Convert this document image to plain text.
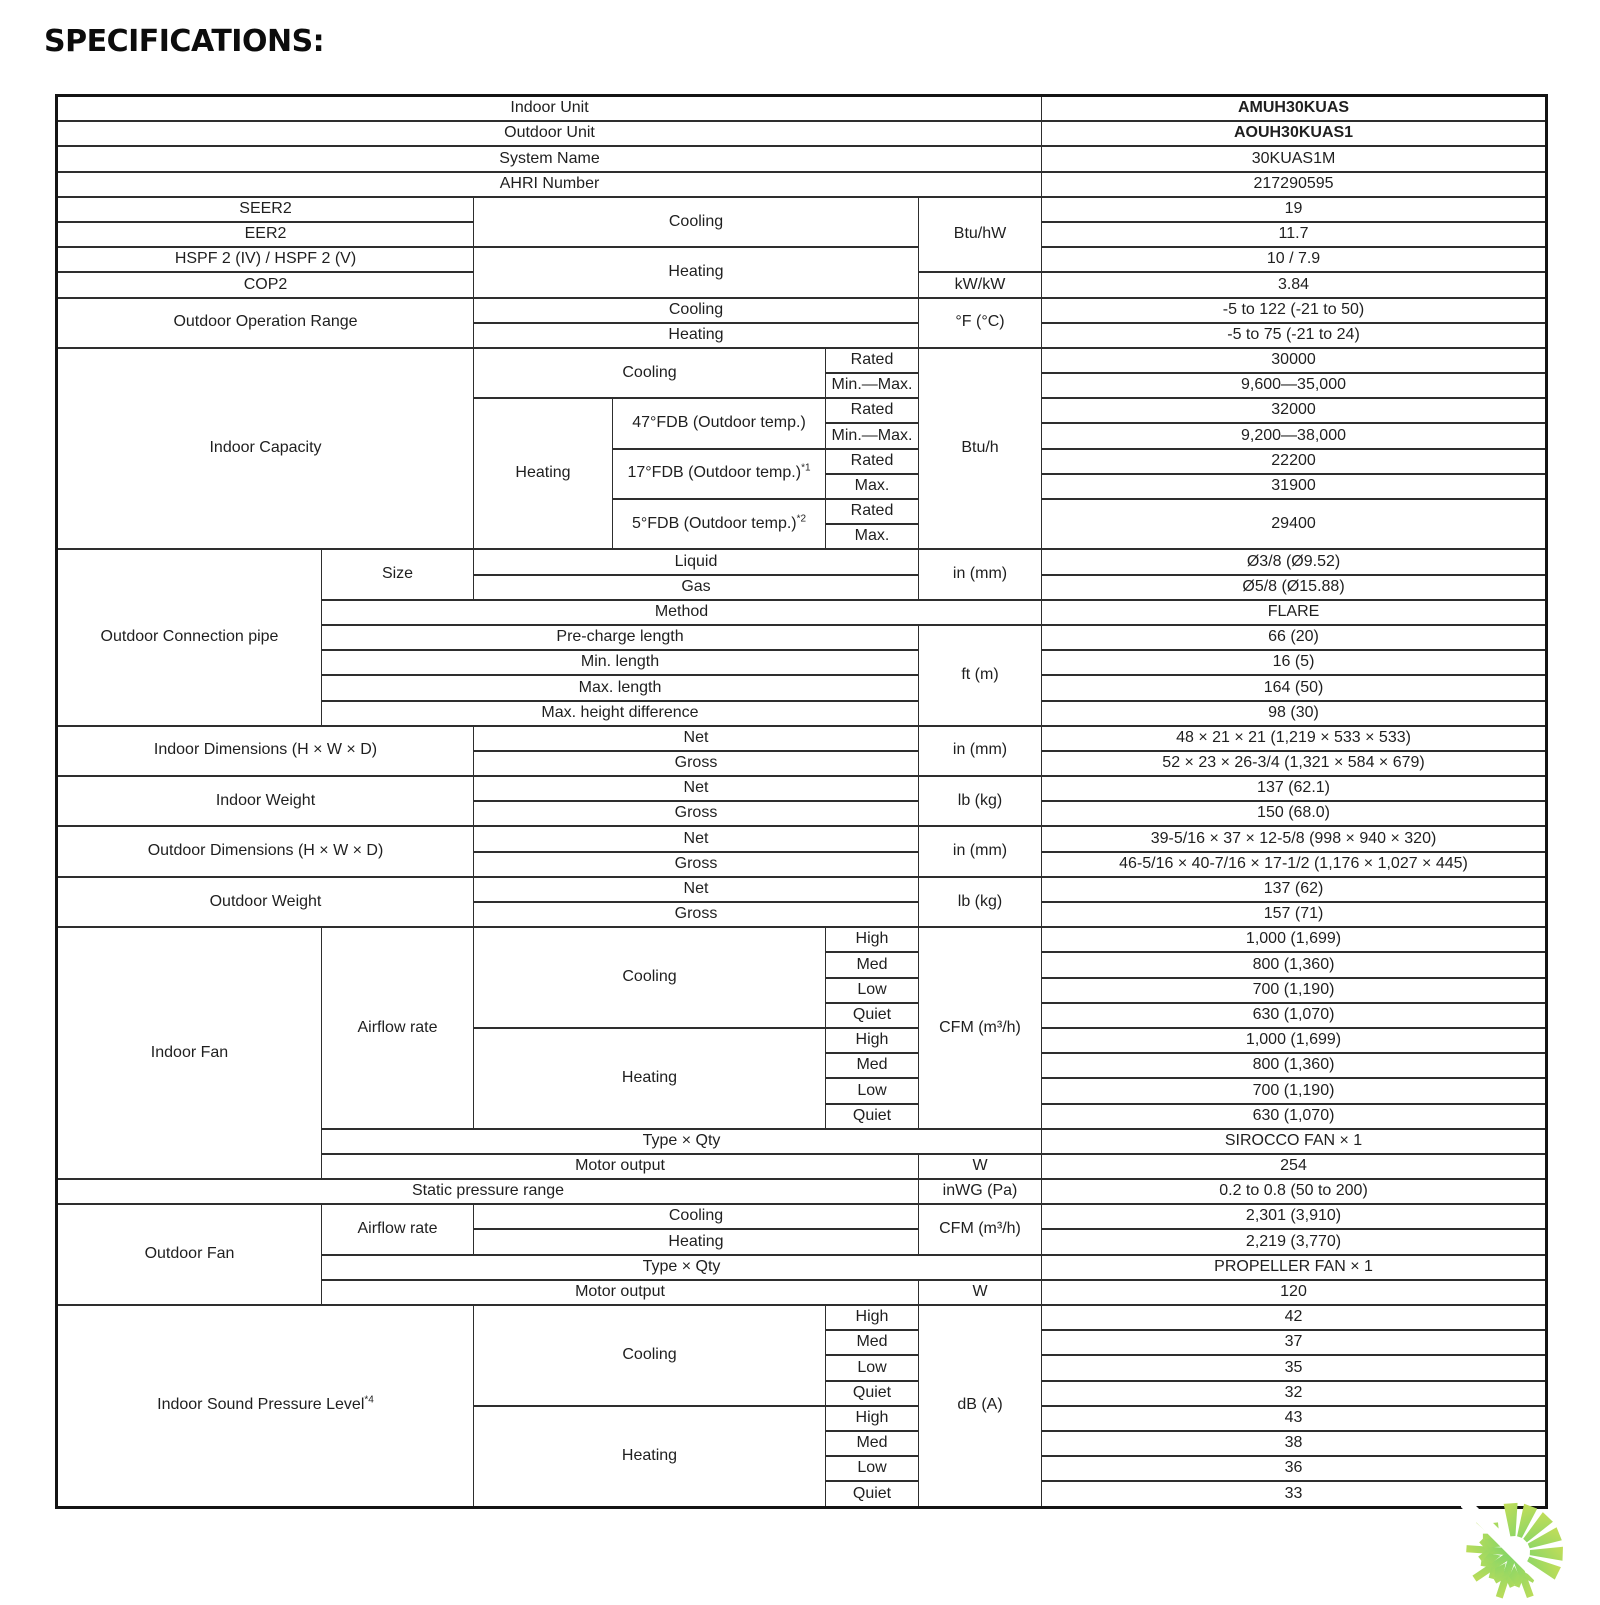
SPECIFICATIONS:
Indoor Unit						AMUH30KUAS
Outdoor Unit						AOUH30KUAS1
System Name						30KUAS1M
AHRI Number						217290595
SEER2		Cooling			Btu/hW	19
EER2						11.7
HSPF 2 (IV) / HSPF 2 (V)		Heating				10 / 7.9
COP2					kW/kW	3.84
Outdoor Operation Range		Cooling			°F (°C)	-5 to 122 (-21 to 50)
		Heating				-5 to 75 (-21 to 24)
Indoor Capacity		Cooling		Rated	Btu/h	30000
				Min.—Max.		9,600—35,000
		Heating	47°FDB (Outdoor temp.)	Rated		32000
				Min.—Max.		9,200—38,000
			17°FDB (Outdoor temp.)$^{*1}$	Rated		22200
				Max.		31900
			5°FDB (Outdoor temp.)$^{*2}$	Rated		29400
				Max.		
Outdoor Connection pipe	Size	Liquid			in (mm)	Ø3/8 (Ø9.52)
		Gas				Ø5/8 (Ø15.88)
	Method					FLARE
	Pre-charge length				ft (m)	66 (20)
	Min. length					16 (5)
	Max. length					164 (50)
	Max. height difference					98 (30)
Indoor Dimensions (H × W × D)		Net			in (mm)	48 × 21 × 21 (1,219 × 533 × 533)
		Gross				52 × 23 × 26-3/4 (1,321 × 584 × 679)
Indoor Weight		Net			lb (kg)	137 (62.1)
		Gross				150 (68.0)
Outdoor Dimensions (H × W × D)		Net			in (mm)	39-5/16 × 37 × 12-5/8 (998 × 940 × 320)
		Gross				46-5/16 × 40-7/16 × 17-1/2 (1,176 × 1,027 × 445)
Outdoor Weight		Net			lb (kg)	137 (62)
		Gross				157 (71)
Indoor Fan	Airflow rate	Cooling		High	CFM (m³/h)	1,000 (1,699)
				Med		800 (1,360)
				Low		700 (1,190)
				Quiet		630 (1,070)
		Heating		High		1,000 (1,699)
				Med		800 (1,360)
				Low		700 (1,190)
				Quiet		630 (1,070)
	Type × Qty					SIROCCO FAN × 1
	Motor output				W	254
Static pressure range					inWG (Pa)	0.2 to 0.8 (50 to 200)
Outdoor Fan	Airflow rate	Cooling			CFM (m³/h)	2,301 (3,910)
		Heating				2,219 (3,770)
	Type × Qty					PROPELLER FAN × 1
	Motor output				W	120
Indoor Sound Pressure Level$^{*4}$		Cooling		High	dB (A)	42
				Med		37
				Low		35
				Quiet		32
		Heating		High		43
				Med		38
				Low		36
				Quiet		33
